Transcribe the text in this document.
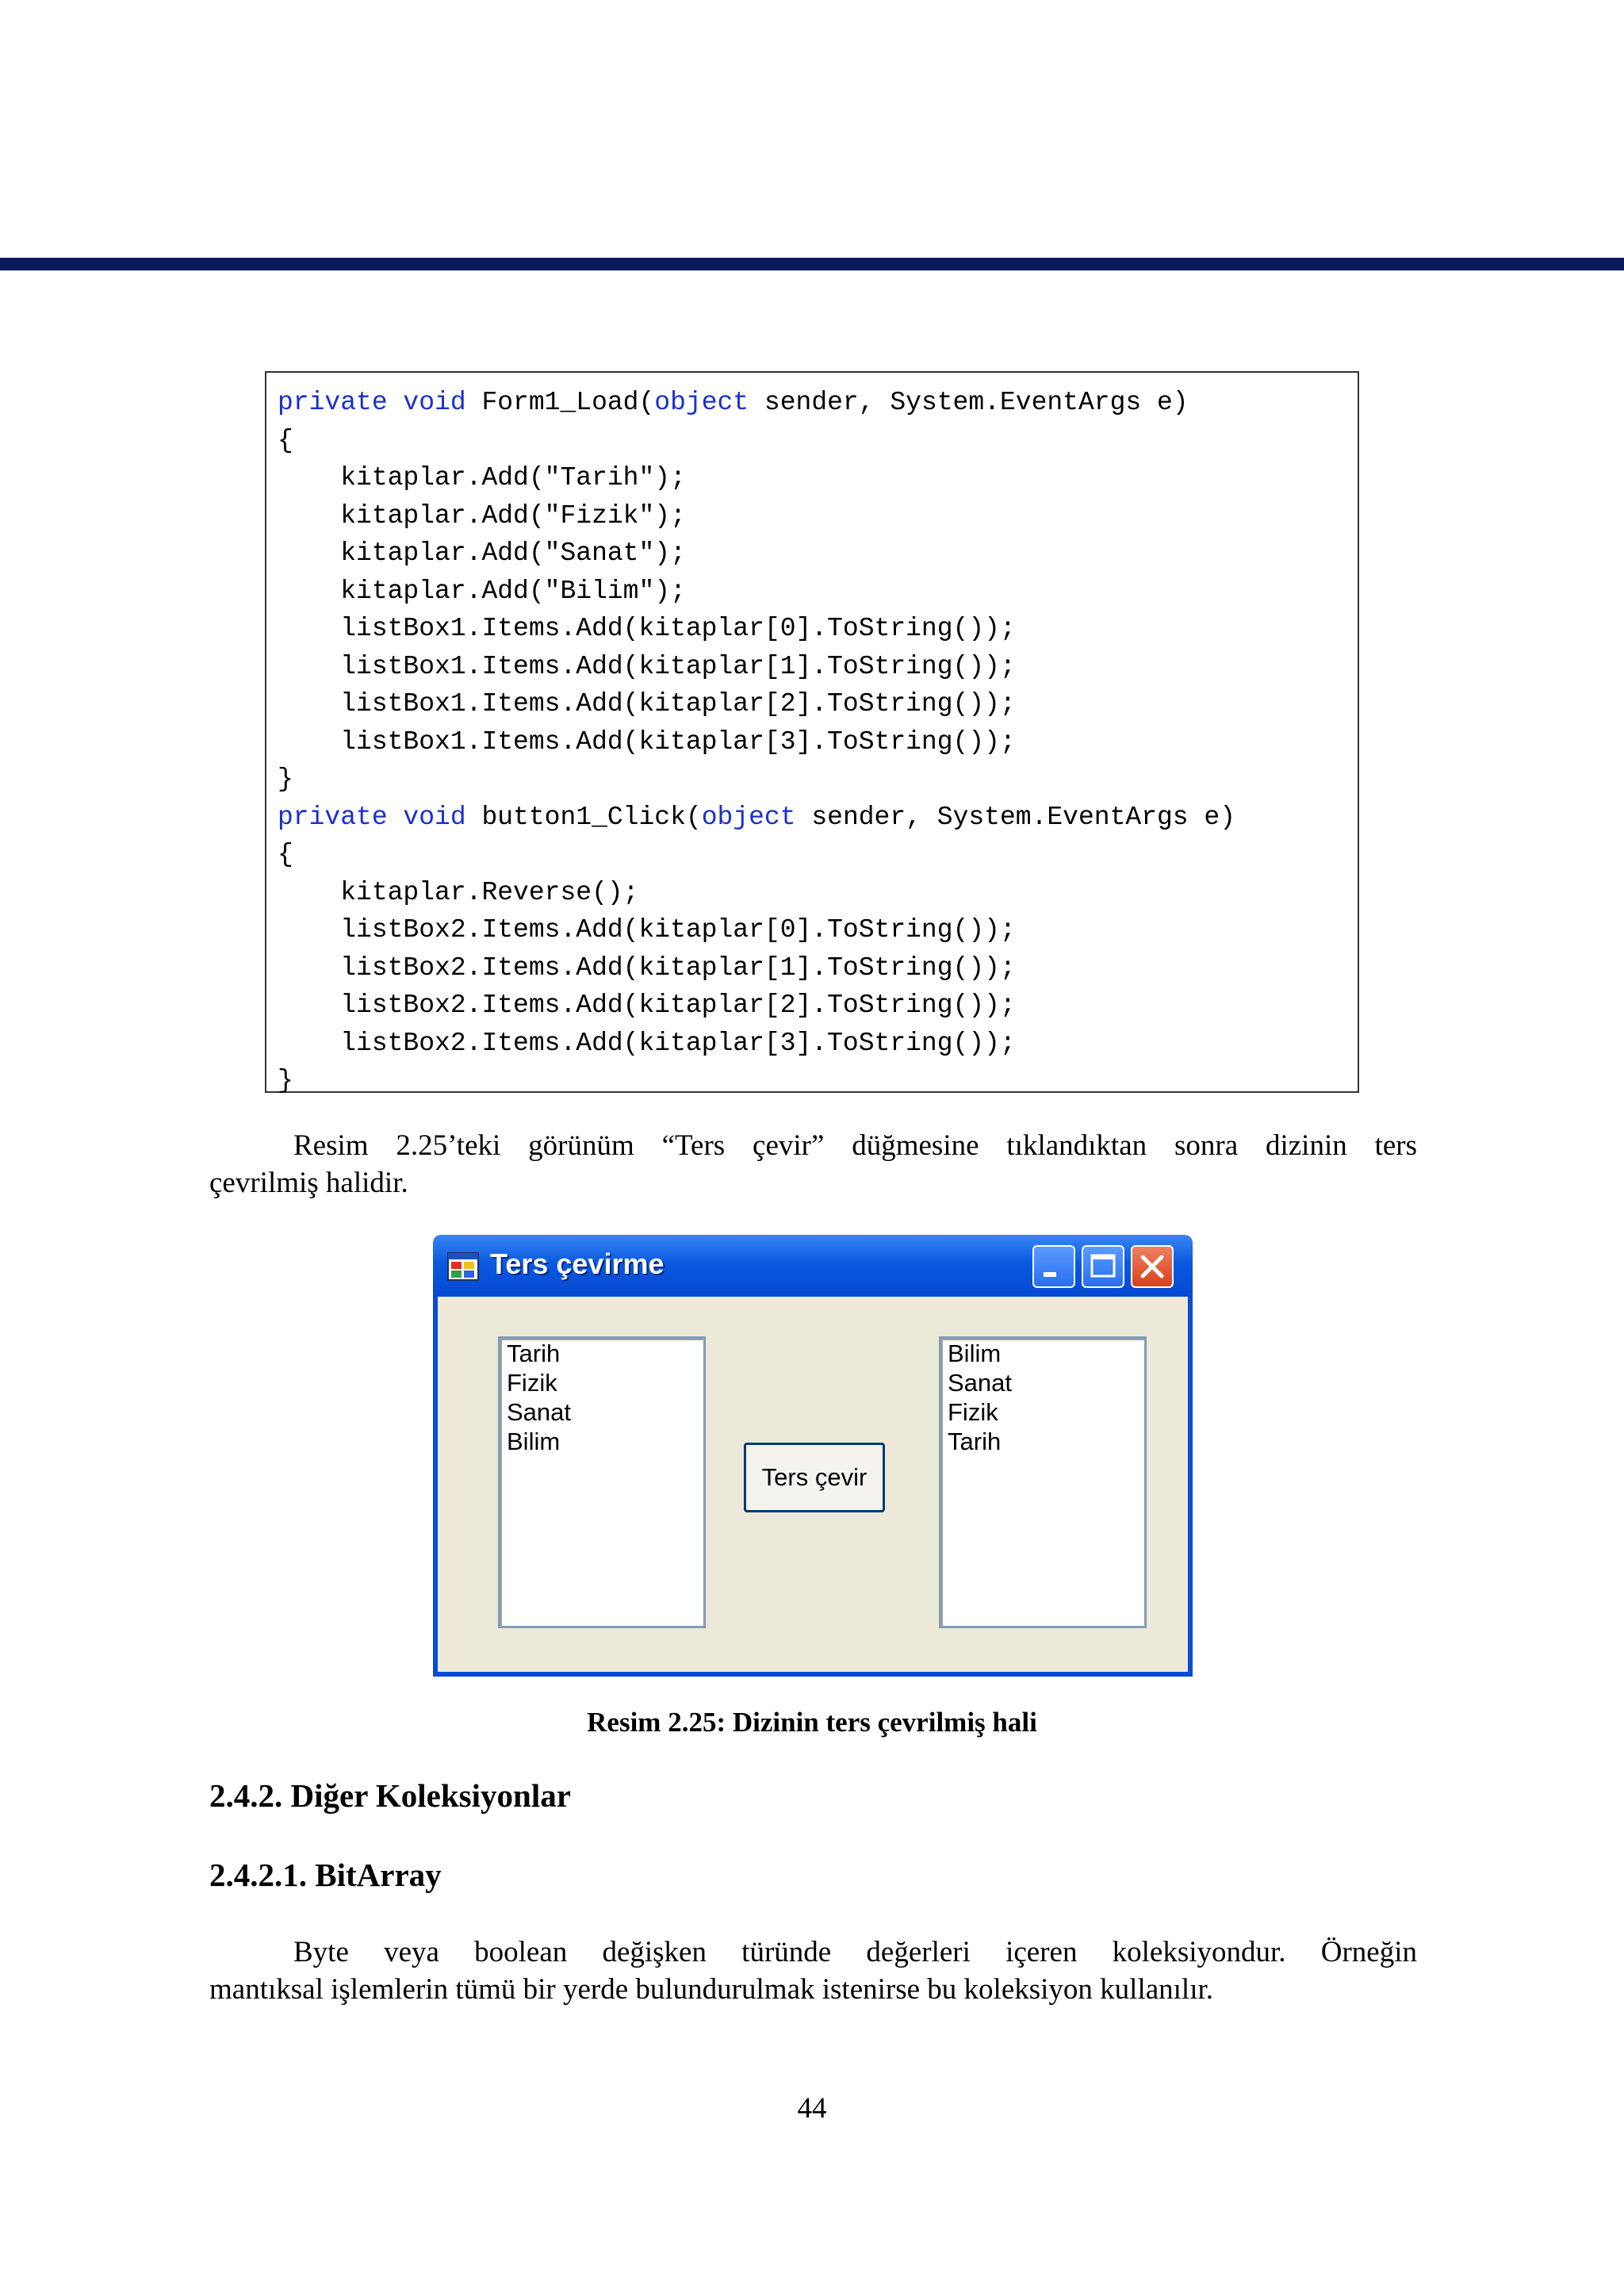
private void Form1_Load(object sender, System.EventArgs e)
{
kitaplar.Add("Tarih");
kitaplar.Add("Fizik");
kitaplar.Add("Sanat");
kitaplar.Add("Bilim");
listBox1.Items.Add(kitaplar[0].ToString());
listBox1.Items.Add(kitaplar[1].ToString());
listBox1.Items.Add(kitaplar[2].ToString());
listBox1.Items.Add(kitaplar[3].ToString());
}
private void button1_Click(object sender, System.EventArgs e)
{
kitaplar.Reverse();
listBox2.Items.Add(kitaplar[0].ToString());
listBox2.Items.Add(kitaplar[1].ToString());
listBox2.Items.Add(kitaplar[2].ToString());
listBox2.Items.Add(kitaplar[3].ToString());
}
Resim 2.25’teki görünüm “Ters çevir” düğmesine tıklandıktan sonra dizinin ters
çevrilmiş halidir.
Ters çevirme
Tarih
Fizik
Sanat
Bilim
Ters çevir
Bilim
Sanat
Fizik
Tarih
Resim 2.25: Dizinin ters çevrilmiş hali
2.4.2. Diğer Koleksiyonlar
2.4.2.1. BitArray
Byte veya boolean değişken türünde değerleri içeren koleksiyondur. Örneğin
mantıksal işlemlerin tümü bir yerde bulundurulmak istenirse bu koleksiyon kullanılır.
44
